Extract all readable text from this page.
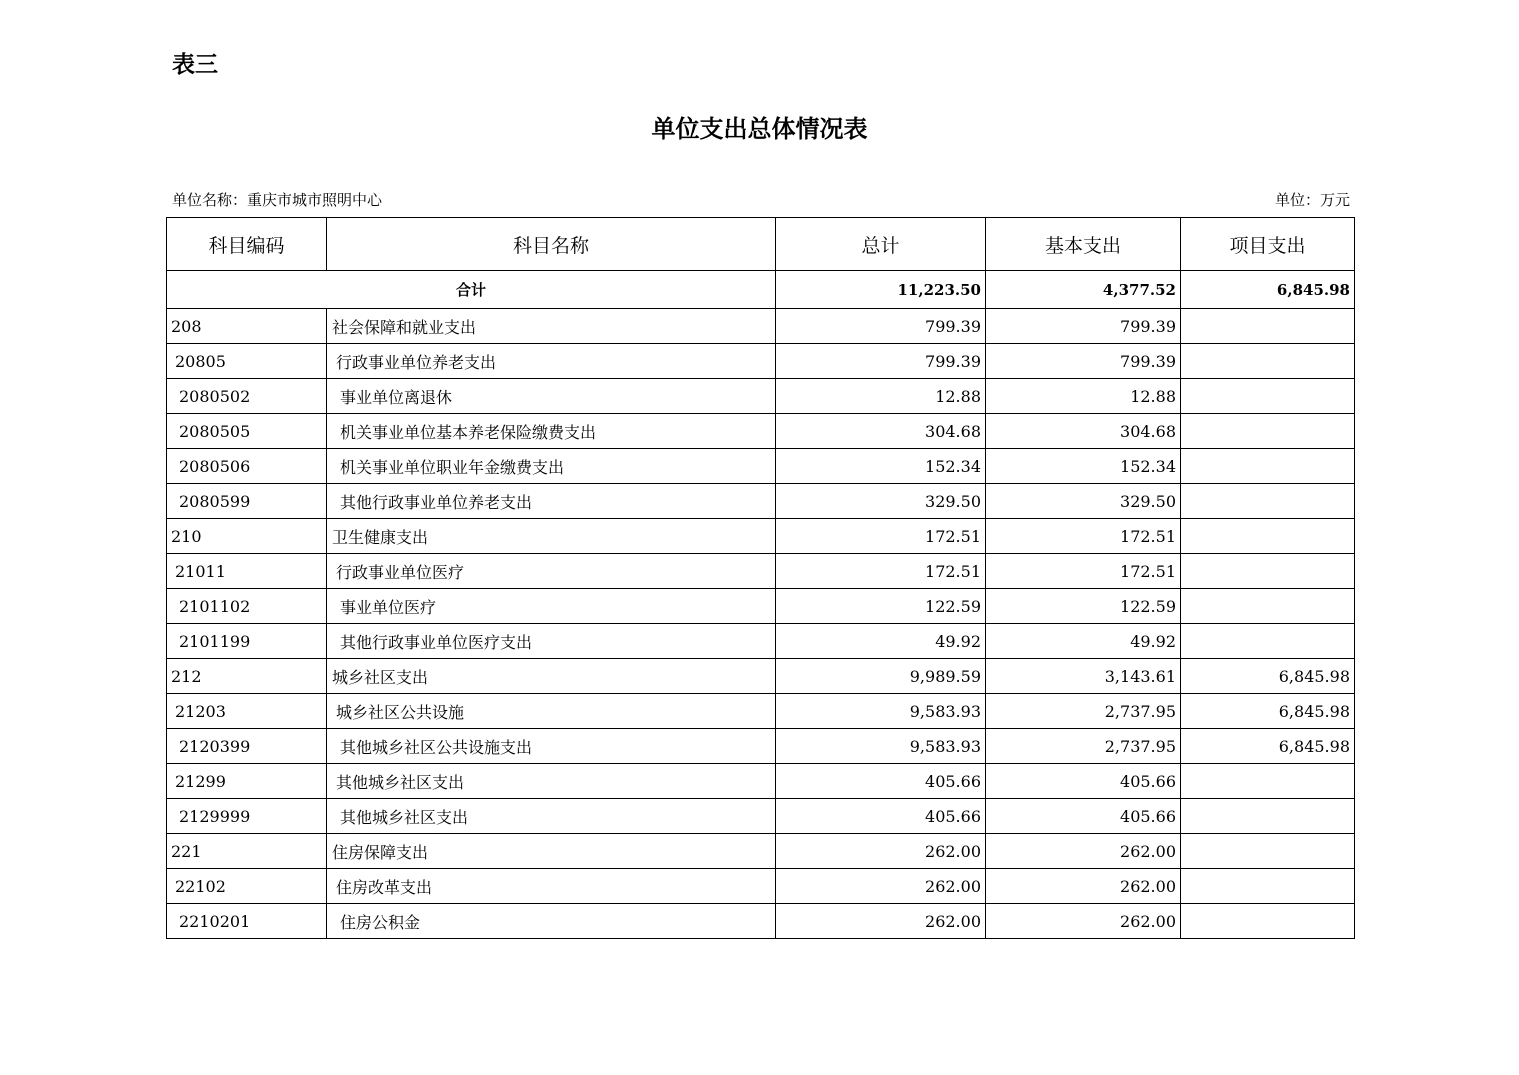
表三
单位支出总体情况表
单位名称：重庆市城市照明中心	单位：万元
科目编码	科目名称	总计	基本支出	项目支出
合计		11,223.50	4,377.52	6,845.98
208	社会保障和就业支出	799.39	799.39	
20805	行政事业单位养老支出	799.39	799.39	
2080502	事业单位离退休	12.88	12.88	
2080505	机关事业单位基本养老保险缴费支出	304.68	304.68	
2080506	机关事业单位职业年金缴费支出	152.34	152.34	
2080599	其他行政事业单位养老支出	329.50	329.50	
210	卫生健康支出	172.51	172.51	
21011	行政事业单位医疗	172.51	172.51	
2101102	事业单位医疗	122.59	122.59	
2101199	其他行政事业单位医疗支出	49.92	49.92	
212	城乡社区支出	9,989.59	3,143.61	6,845.98
21203	城乡社区公共设施	9,583.93	2,737.95	6,845.98
2120399	其他城乡社区公共设施支出	9,583.93	2,737.95	6,845.98
21299	其他城乡社区支出	405.66	405.66	
2129999	其他城乡社区支出	405.66	405.66	
221	住房保障支出	262.00	262.00	
22102	住房改革支出	262.00	262.00	
2210201	住房公积金	262.00	262.00	
